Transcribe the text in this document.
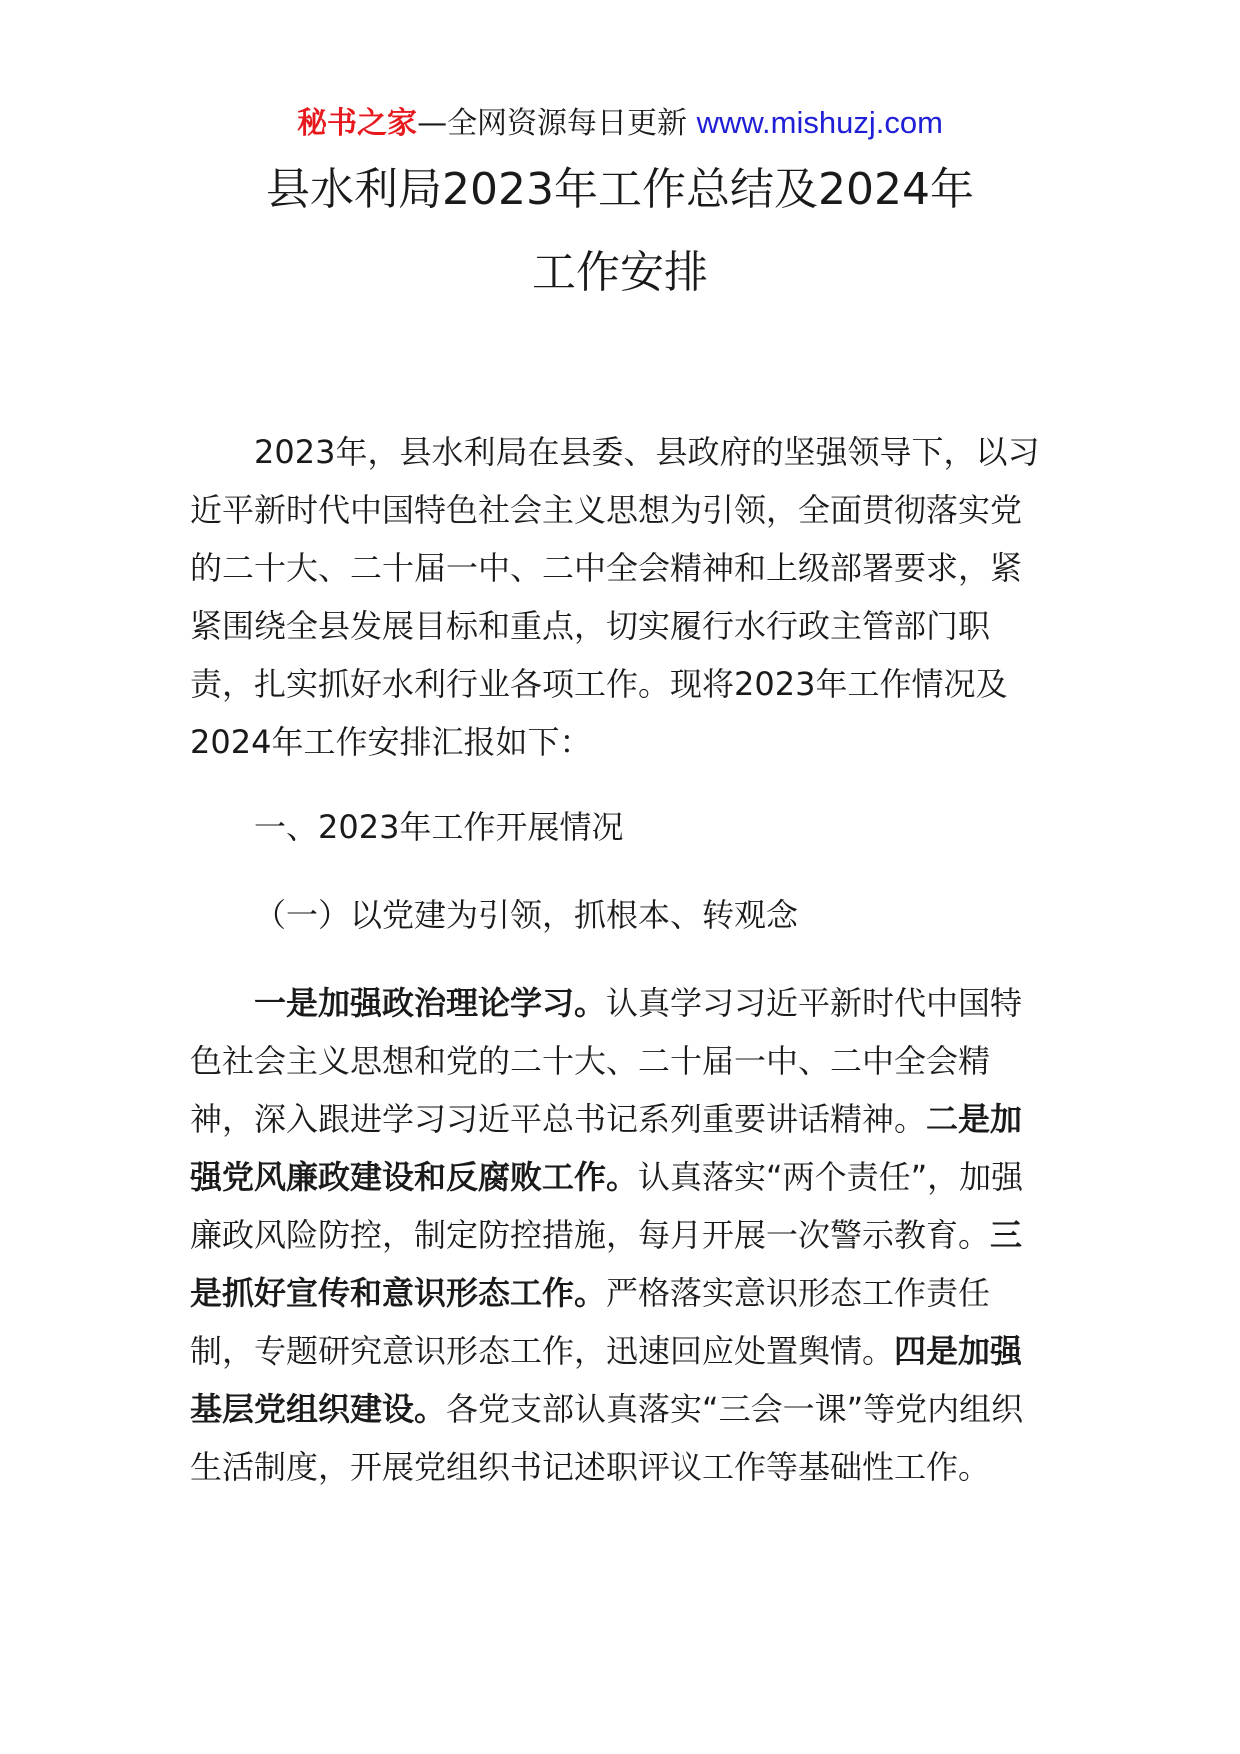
秘书之家—全网资源每日更新 www.mishuzj.com
县水利局2023年工作总结及2024年
工作安排

2023年，县水利局在县委、县政府的坚强领导下，以习近平新时代中国特色社会主义思想为引领，全面贯彻落实党的二十大、二十届一中、二中全会精神和上级部署要求，紧紧围绕全县发展目标和重点，切实履行水行政主管部门职责，扎实抓好水利行业各项工作。现将2023年工作情况及2024年工作安排汇报如下：

一、2023年工作开展情况
（一）以党建为引领，抓根本、转观念

一是加强政治理论学习。认真学习习近平新时代中国特色社会主义思想和党的二十大、二十届一中、二中全会精神，深入跟进学习习近平总书记系列重要讲话精神。二是加强党风廉政建设和反腐败工作。认真落实“两个责任”，加强廉政风险防控，制定防控措施，每月开展一次警示教育。三是抓好宣传和意识形态工作。严格落实意识形态工作责任制，专题研究意识形态工作，迅速回应处置舆情。四是加强基层党组织建设。各党支部认真落实“三会一课”等党内组织生活制度，开展党组织书记述职评议工作等基础性工作。
